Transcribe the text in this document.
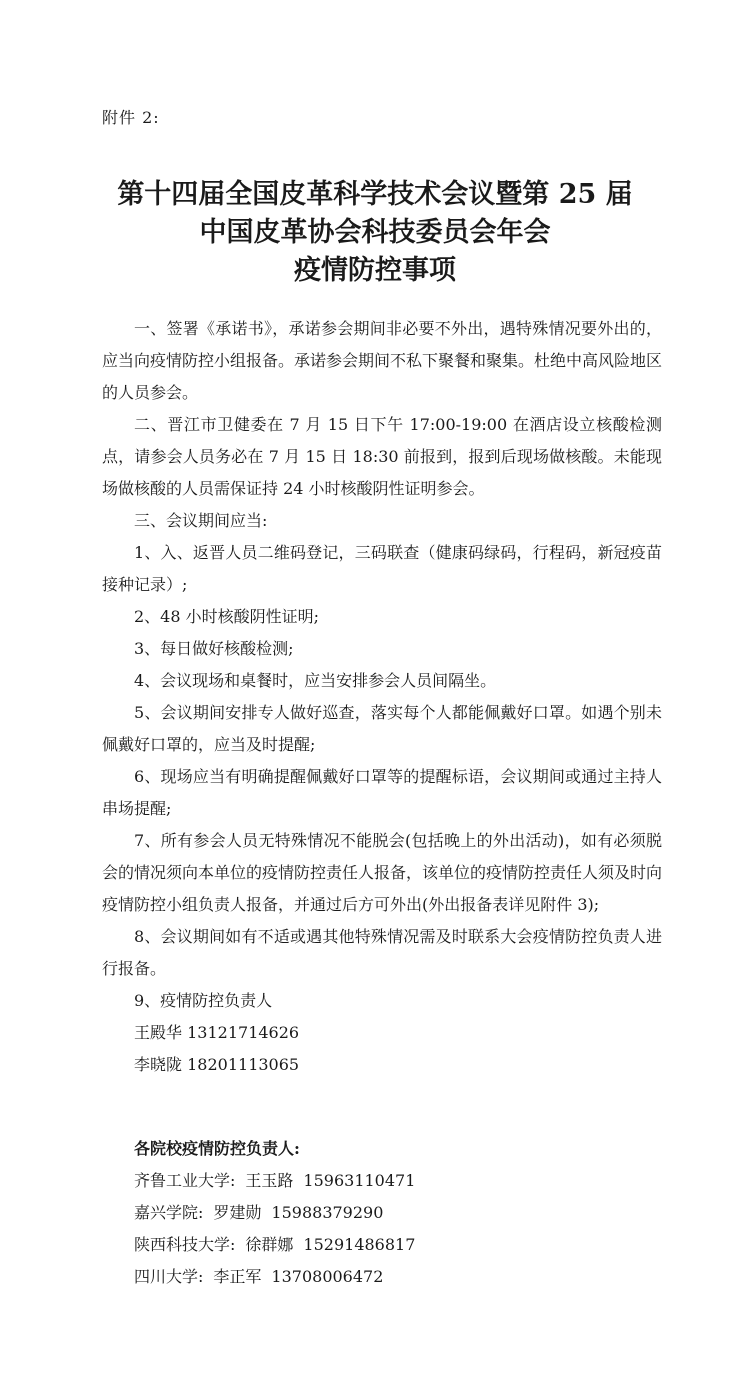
附件 2:
第十四届全国皮革科学技术会议暨第 25 届
中国皮革协会科技委员会年会
疫情防控事项

一、签署《承诺书》，承诺参会期间非必要不外出，遇特殊情况要外出的，应当向疫情防控小组报备。承诺参会期间不私下聚餐和聚集。杜绝中高风险地区的人员参会。

二、晋江市卫健委在 7 月 15 日下午 17:00-19:00 在酒店设立核酸检测点，请参会人员务必在 7 月 15 日 18:30 前报到，报到后现场做核酸。未能现场做核酸的人员需保证持 24 小时核酸阴性证明参会。

三、会议期间应当:

1、入、返晋人员二维码登记，三码联查（健康码绿码，行程码，新冠疫苗接种记录）;

2、48 小时核酸阴性证明;

3、每日做好核酸检测;

4、会议现场和桌餐时，应当安排参会人员间隔坐。

5、会议期间安排专人做好巡查，落实每个人都能佩戴好口罩。如遇个别未佩戴好口罩的，应当及时提醒;

6、现场应当有明确提醒佩戴好口罩等的提醒标语，会议期间或通过主持人串场提醒;

7、所有参会人员无特殊情况不能脱会(包括晚上的外出活动)，如有必须脱会的情况须向本单位的疫情防控责任人报备，该单位的疫情防控责任人须及时向疫情防控小组负责人报备，并通过后方可外出(外出报备表详见附件 3);

8、会议期间如有不适或遇其他特殊情况需及时联系大会疫情防控负责人进行报备。

9、疫情防控负责人

王殿华 13121714626
李晓陇 18201113065
各院校疫情防控负责人:
齐鲁工业大学: 王玉路 15963110471
嘉兴学院: 罗建勋 15988379290
陕西科技大学: 徐群娜 15291486817
四川大学: 李正军 13708006472
